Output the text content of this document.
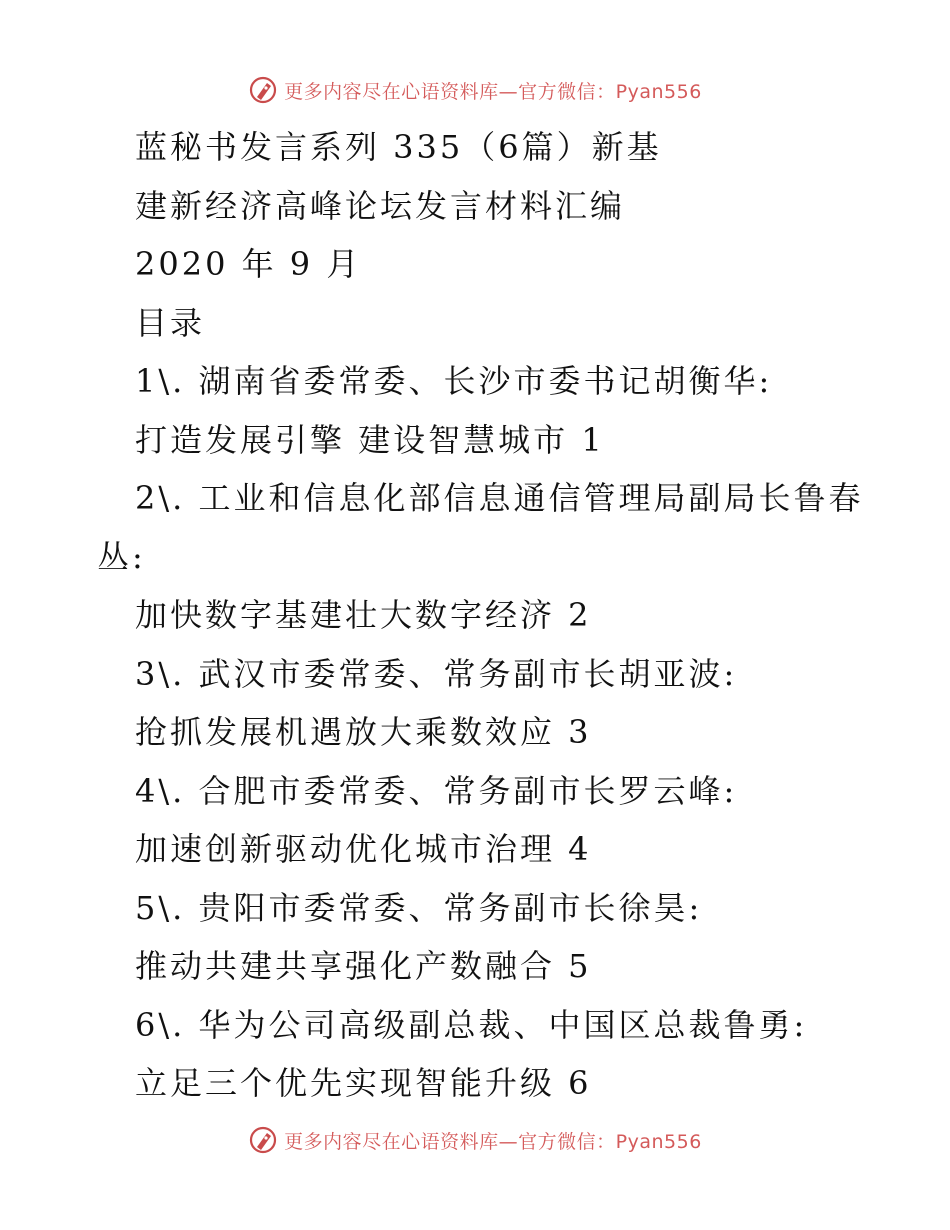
更多内容尽在心语资料库—官方微信：Pyan556
蓝秘书发言系列 335（6篇）新基
建新经济高峰论坛发言材料汇编
2020 年 9 月
目录
1\. 湖南省委常委、长沙市委书记胡衡华:
打造发展引擎 建设智慧城市 1
2\. 工业和信息化部信息通信管理局副局长鲁春
丛:
加快数字基建壮大数字经济 2
3\. 武汉市委常委、常务副市长胡亚波:
抢抓发展机遇放大乘数效应 3
4\. 合肥市委常委、常务副市长罗云峰:
加速创新驱动优化城市治理 4
5\. 贵阳市委常委、常务副市长徐昊:
推动共建共享强化产数融合 5
6\. 华为公司高级副总裁、中国区总裁鲁勇:
立足三个优先实现智能升级 6
更多内容尽在心语资料库—官方微信：Pyan556
